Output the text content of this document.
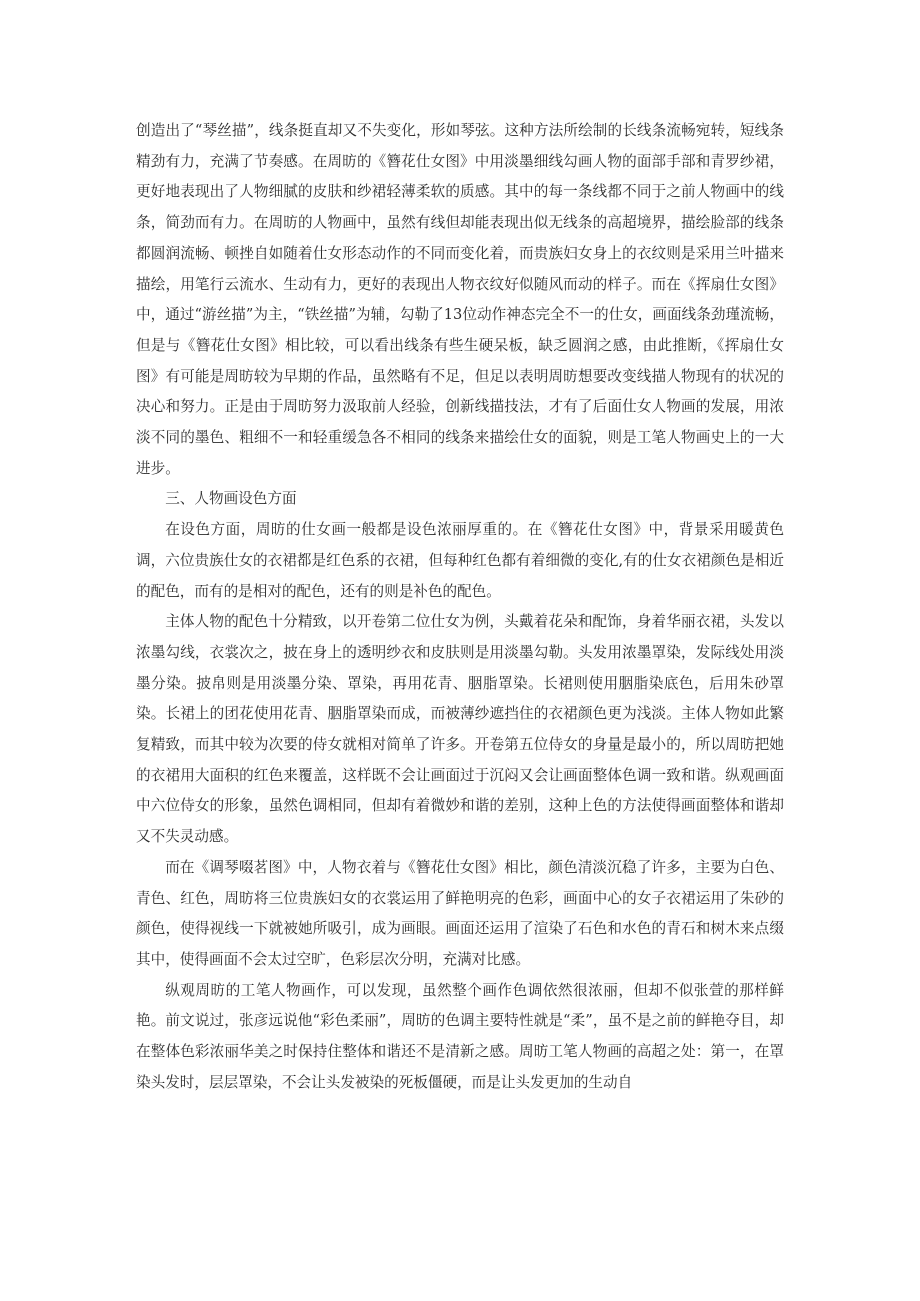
创造出了“琴丝描”，线条挺直却又不失变化，形如琴弦。这种方法所绘制的长线条流畅宛转，短线条精劲有力，充满了节奏感。在周昉的《簪花仕女图》中用淡墨细线勾画人物的面部手部和青罗纱裙，更好地表现出了人物细腻的皮肤和纱裙轻薄柔软的质感。其中的每一条线都不同于之前人物画中的线条，简劲而有力。在周昉的人物画中，虽然有线但却能表现出似无线条的高超境界，描绘脸部的线条都圆润流畅、顿挫自如随着仕女形态动作的不同而变化着，而贵族妇女身上的衣纹则是采用兰叶描来描绘，用笔行云流水、生动有力，更好的表现出人物衣纹好似随风而动的样子。而在《挥扇仕女图》中，通过“游丝描”为主，“铁丝描”为辅，勾勒了13位动作神态完全不一的仕女，画面线条劲瑾流畅，但是与《簪花仕女图》相比较，可以看出线条有些生硬呆板，缺乏圆润之感，由此推断，《挥扇仕女图》有可能是周昉较为早期的作品，虽然略有不足，但足以表明周昉想要改变线描人物现有的状况的决心和努力。正是由于周昉努力汲取前人经验，创新线描技法，才有了后面仕女人物画的发展，用浓淡不同的墨色、粗细不一和轻重缓急各不相同的线条来描绘仕女的面貌，则是工笔人物画史上的一大进步。

三、人物画设色方面

在设色方面，周昉的仕女画一般都是设色浓丽厚重的。在《簪花仕女图》中，背景采用暖黄色调，六位贵族仕女的衣裙都是红色系的衣裙，但每种红色都有着细微的变化,有的仕女衣裙颜色是相近的配色，而有的是相对的配色，还有的则是补色的配色。

主体人物的配色十分精致，以开卷第二位仕女为例，头戴着花朵和配饰，身着华丽衣裙，头发以浓墨勾线，衣裳次之，披在身上的透明纱衣和皮肤则是用淡墨勾勒。头发用浓墨罩染，发际线处用淡墨分染。披帛则是用淡墨分染、罩染，再用花青、胭脂罩染。长裙则使用胭脂染底色，后用朱砂罩染。长裙上的团花使用花青、胭脂罩染而成，而被薄纱遮挡住的衣裙颜色更为浅淡。主体人物如此繁复精致，而其中较为次要的侍女就相对简单了许多。开卷第五位侍女的身量是最小的，所以周昉把她的衣裙用大面积的红色来覆盖，这样既不会让画面过于沉闷又会让画面整体色调一致和谐。纵观画面中六位侍女的形象，虽然色调相同，但却有着微妙和谐的差别，这种上色的方法使得画面整体和谐却又不失灵动感。

而在《调琴啜茗图》中，人物衣着与《簪花仕女图》相比，颜色清淡沉稳了许多，主要为白色、青色、红色，周昉将三位贵族妇女的衣裳运用了鲜艳明亮的色彩，画面中心的女子衣裙运用了朱砂的颜色，使得视线一下就被她所吸引，成为画眼。画面还运用了渲染了石色和水色的青石和树木来点缀其中，使得画面不会太过空旷，色彩层次分明，充满对比感。

纵观周昉的工笔人物画作，可以发现，虽然整个画作色调依然很浓丽，但却不似张萱的那样鲜艳。前文说过，张彦远说他“彩色柔丽”，周昉的色调主要特性就是“柔”，虽不是之前的鲜艳夺目，却在整体色彩浓丽华美之时保持住整体和谐还不是清新之感。周昉工笔人物画的高超之处：第一，在罩染头发时，层层罩染，不会让头发被染的死板僵硬，而是让头发更加的生动自
